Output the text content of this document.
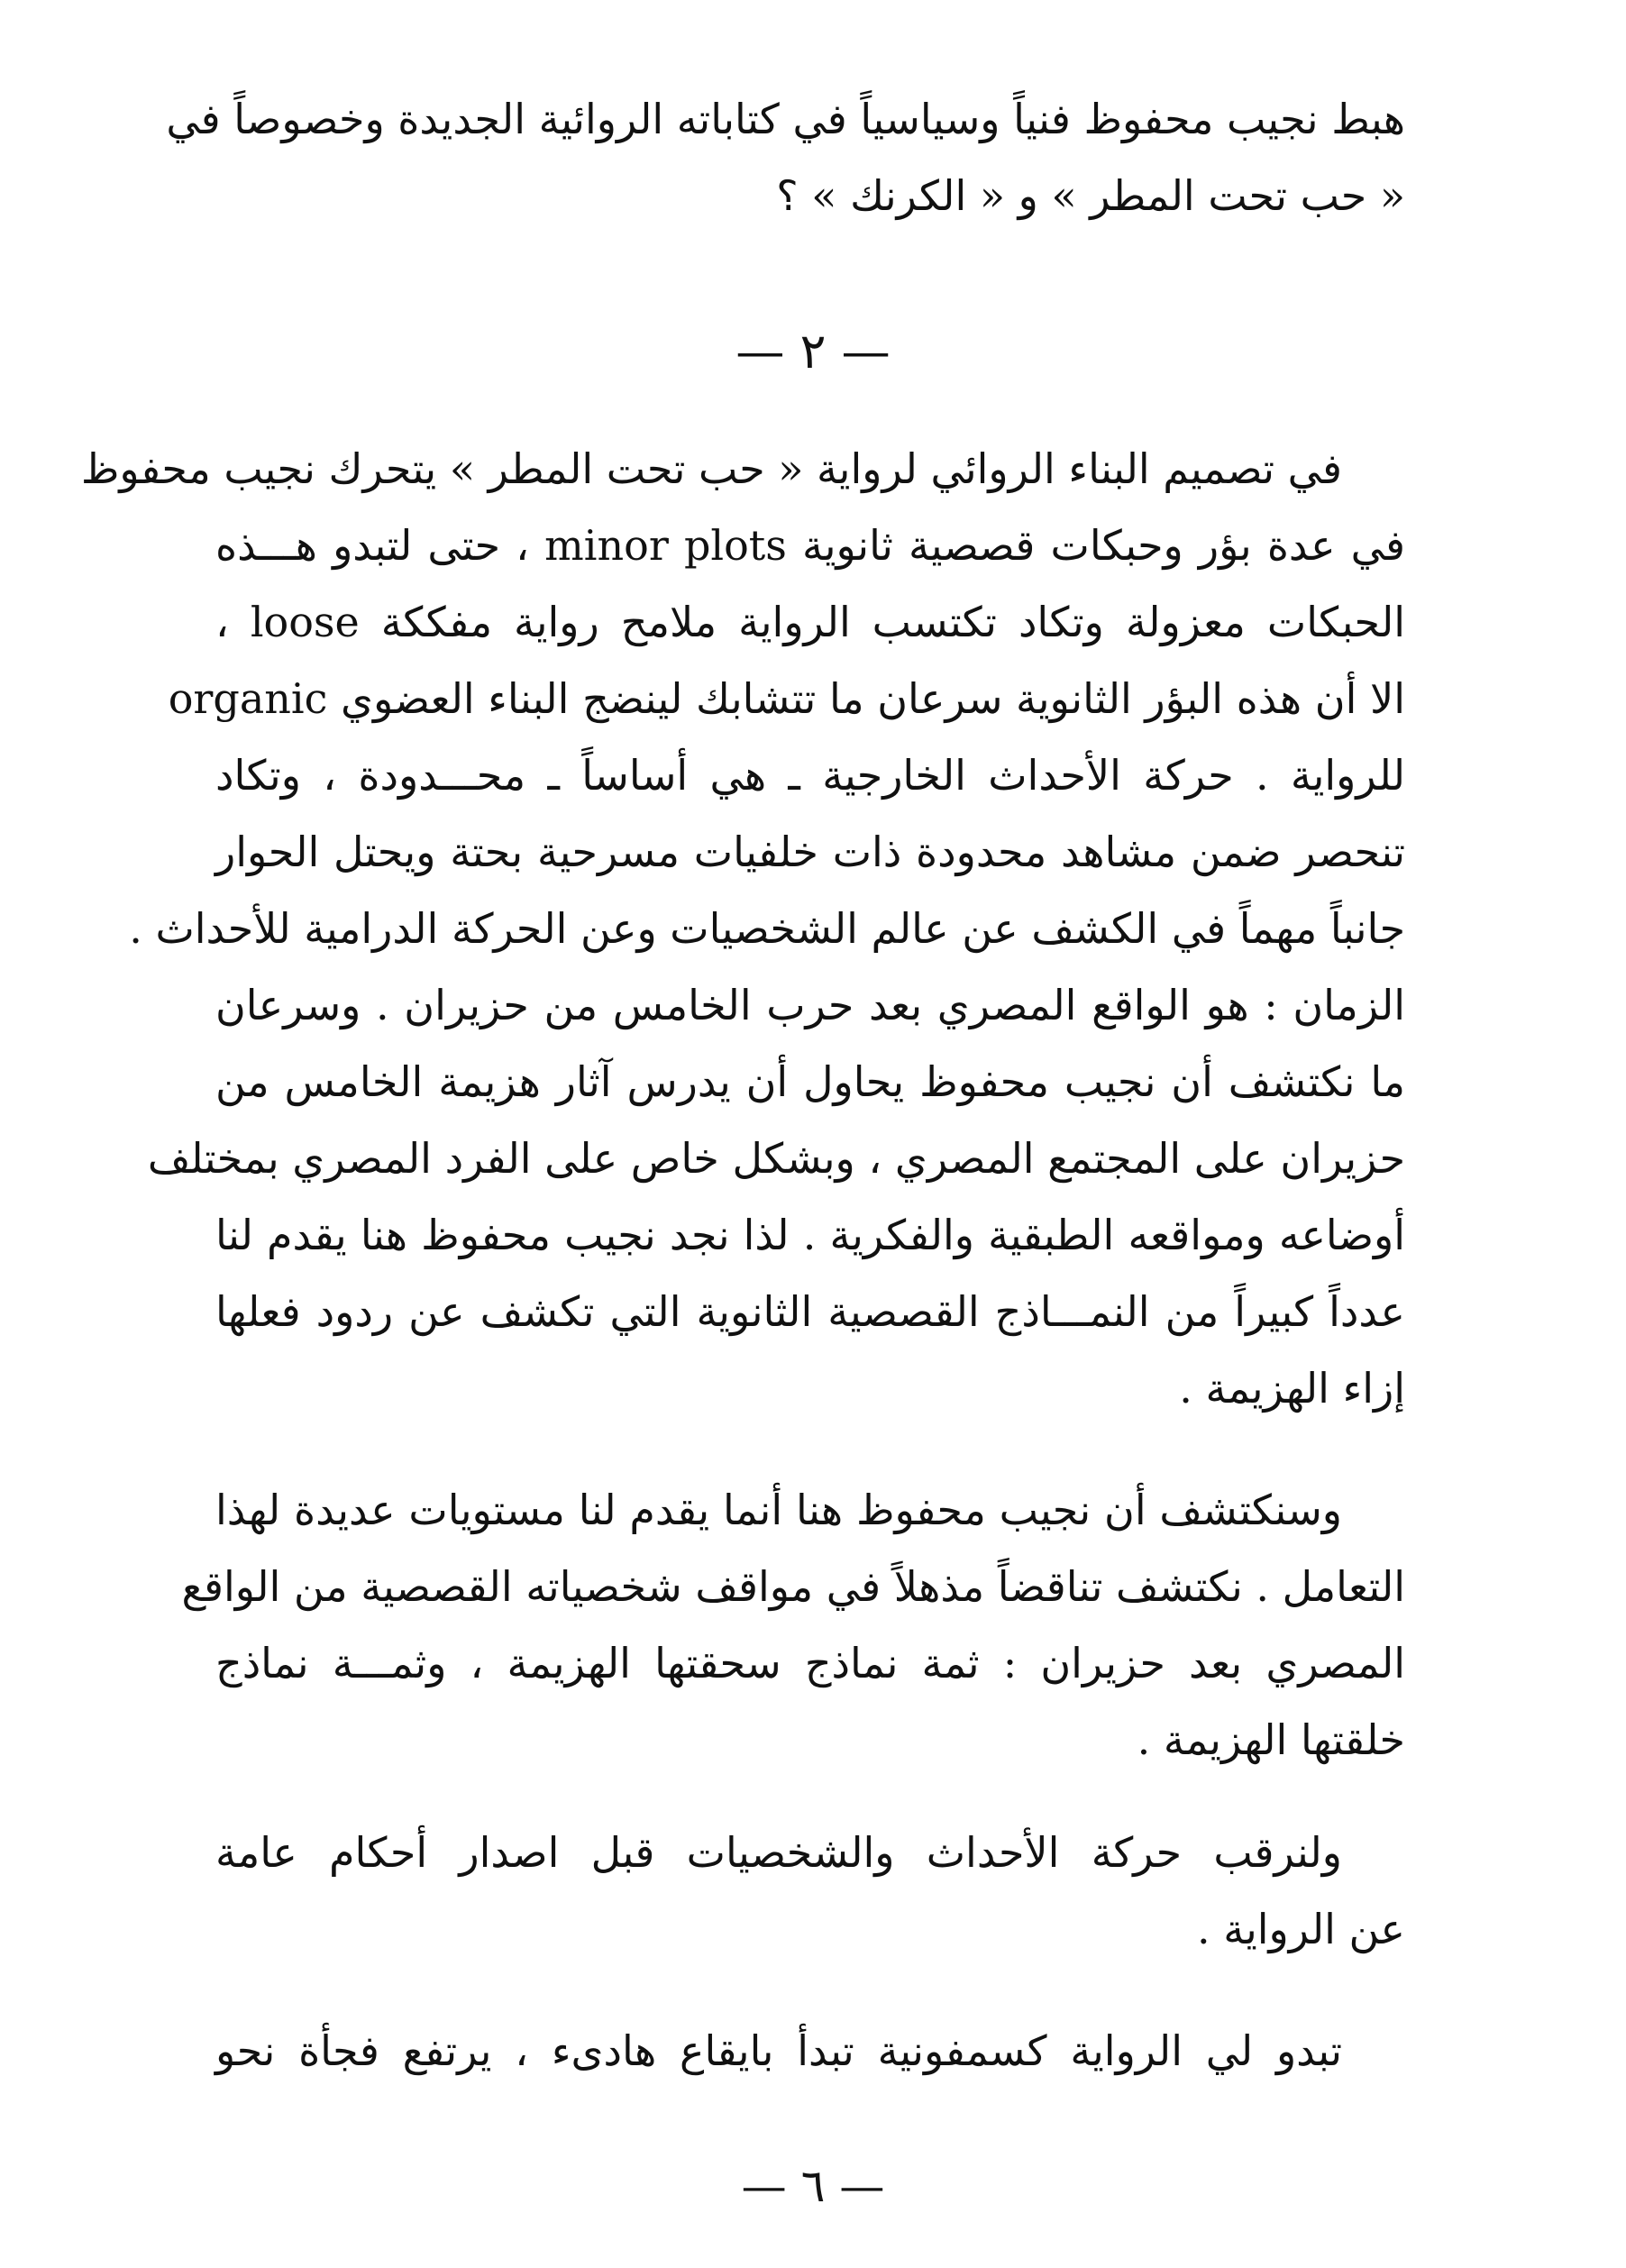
هبط نجيب محفوظ فنياً وسياسياً في كتاباته الروائية الجديدة وخصوصاً في
« حب تحت المطر » و « الكرنك » ؟
— ٢ —
في تصميم البناء الروائي لرواية « حب تحت المطر » يتحرك نجيب محفوظ
في عدة بؤر وحبكات قصصية ثانوية minor plots ، حتى لتبدو هـــذه
الحبكات معزولة وتكاد تكتسب الرواية ملامح رواية مفككة loose ،
الا أن هذه البؤر الثانوية سرعان ما تتشابك لينضج البناء العضوي organic
للرواية . حركة الأحداث الخارجية ـ هي أساساً ـ محـــدودة ، وتكاد
تنحصر ضمن مشاهد محدودة ذات خلفيات مسرحية بحتة ويحتل الحوار
جانباً مهماً في الكشف عن عالم الشخصيات وعن الحركة الدرامية للأحداث .
الزمان : هو الواقع المصري بعد حرب الخامس من حزيران . وسرعان
ما نكتشف أن نجيب محفوظ يحاول أن يدرس آثار هزيمة الخامس من
حزيران على المجتمع المصري ، وبشكل خاص على الفرد المصري بمختلف
أوضاعه ومواقعه الطبقية والفكرية . لذا نجد نجيب محفوظ هنا يقدم لنا
عدداً كبيراً من النمـــاذج القصصية الثانوية التي تكشف عن ردود فعلها
إزاء الهزيمة .
وسنكتشف أن نجيب محفوظ هنا أنما يقدم لنا مستويات عديدة لهذا
التعامل . نكتشف تناقضاً مذهلاً في مواقف شخصياته القصصية من الواقع
المصري بعد حزيران : ثمة نماذج سحقتها الهزيمة ، وثمـــة نماذج
خلقتها الهزيمة .
ولنرقب حركة الأحداث والشخصيات قبل اصدار أحكام عامة
عن الرواية .
تبدو لي الرواية كسمفونية تبدأ بايقاع هادىء ، يرتفع فجأة نحو
— ٦ —
